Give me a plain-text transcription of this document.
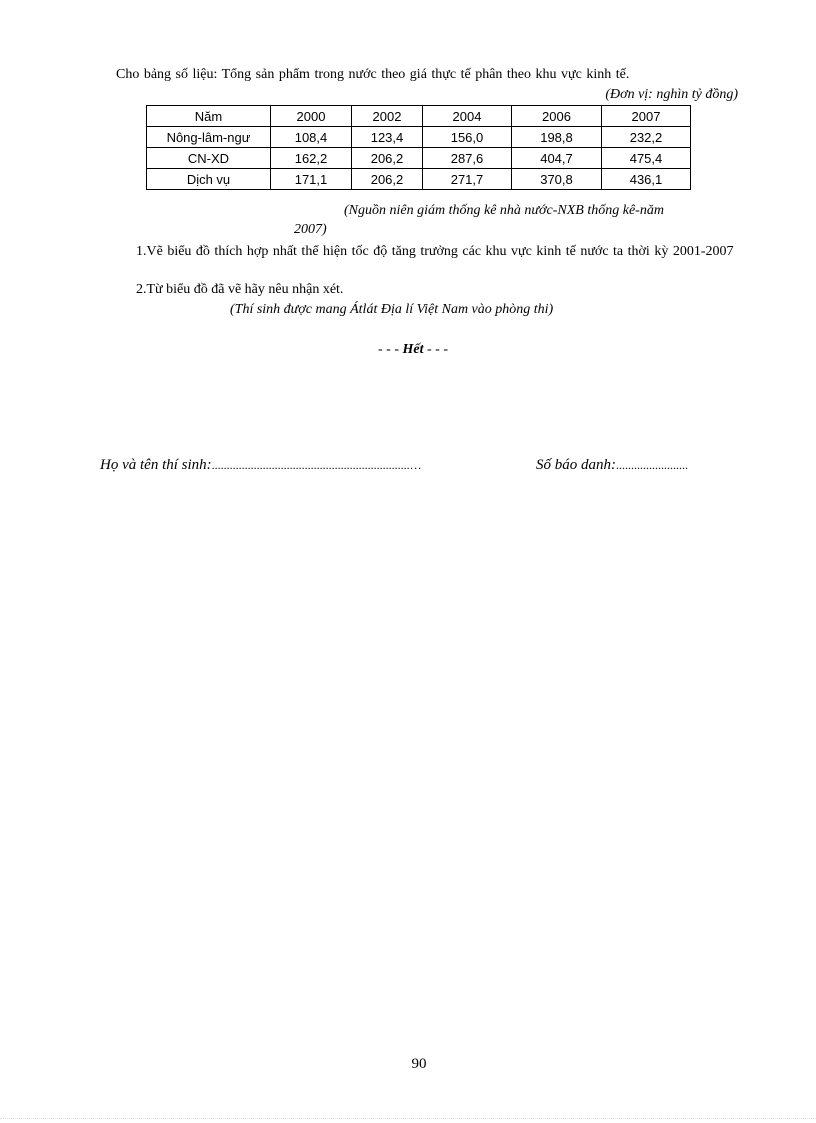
Cho bảng số liệu: Tổng sản phẩm trong nước theo giá thực tế phân theo khu vực kinh tế.
(Đơn vị: nghìn tỷ đồng)
Năm	2000	2002	2004	2006	2007
Nông-lâm-ngư	108,4	123,4	156,0	198,8	232,2
CN-XD	162,2	206,2	287,6	404,7	475,4
Dịch vụ	171,1	206,2	271,7	370,8	436,1
(Nguồn niên giám thống kê nhà nước-NXB thống kê-năm
2007)
1.Vẽ biểu đồ thích hợp nhất thể hiện tốc độ tăng trưởng các khu vực kinh tế nước ta thời kỳ 2001-2007
2.Từ biểu đồ đã vẽ hãy nêu nhận xét.
(Thí sinh được mang Átlát Địa lí Việt Nam vào phòng thi)
- - - Hết - - -
Họ và tên thí sinh:..................................................................…	Số báo danh:........................
90
